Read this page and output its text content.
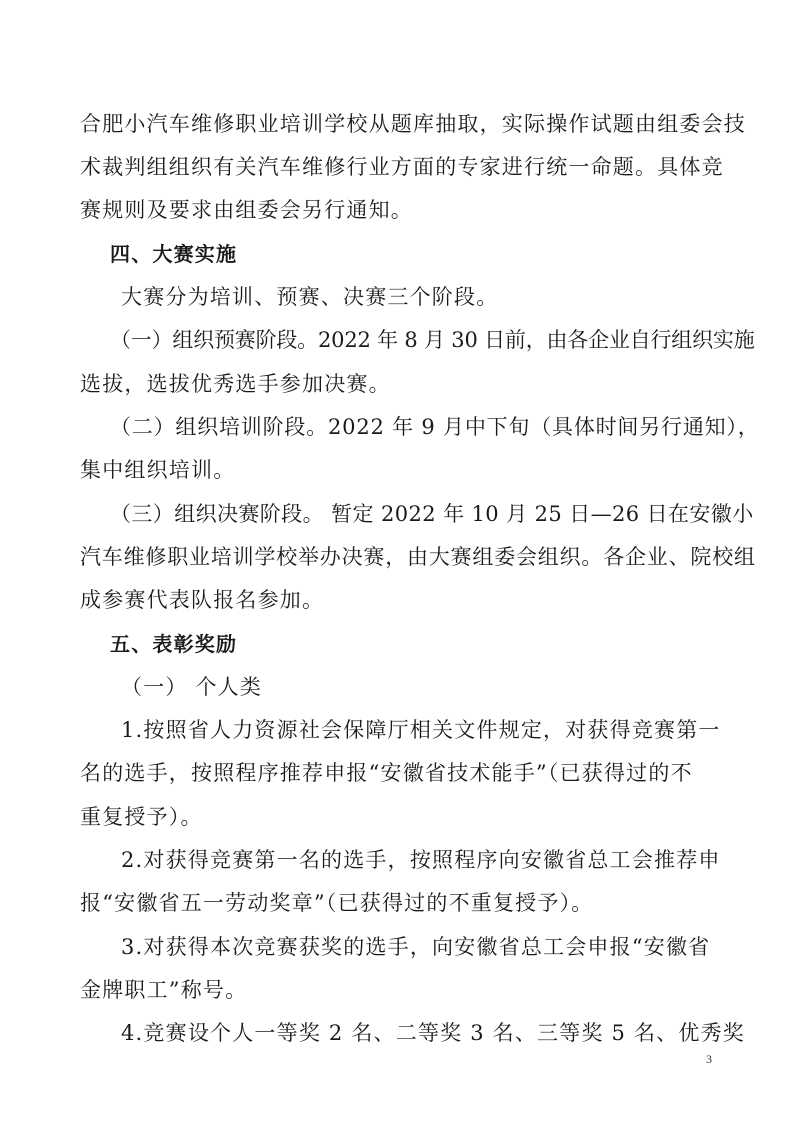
合肥小汽车维修职业培训学校从题库抽取，实际操作试题由组委会技
术裁判组组织有关汽车维修行业方面的专家进行统一命题。具体竞
赛规则及要求由组委会另行通知。
四、大赛实施
大赛分为培训、预赛、决赛三个阶段。
（一）组织预赛阶段。2022 年 8 月 30 日前，由各企业自行组织实施
选拔，选拔优秀选手参加决赛。
（二）组织培训阶段。2022 年 9 月中下旬（具体时间另行通知），
集中组织培训。
（三）组织决赛阶段。 暂定 2022 年 10 月 25 日—26 日在安徽小
汽车维修职业培训学校举办决赛，由大赛组委会组织。各企业、院校组
成参赛代表队报名参加。
五、表彰奖励
（一） 个人类
1.按照省人力资源社会保障厅相关文件规定，对获得竞赛第一
名的选手，按照程序推荐申报“安徽省技术能手”（已获得过的不
重复授予）。
2.对获得竞赛第一名的选手，按照程序向安徽省总工会推荐申
报“安徽省五一劳动奖章”（已获得过的不重复授予）。
3.对获得本次竞赛获奖的选手，向安徽省总工会申报“安徽省
金牌职工”称号。
4.竞赛设个人一等奖 2 名、二等奖 3 名、三等奖 5 名、优秀奖
3
